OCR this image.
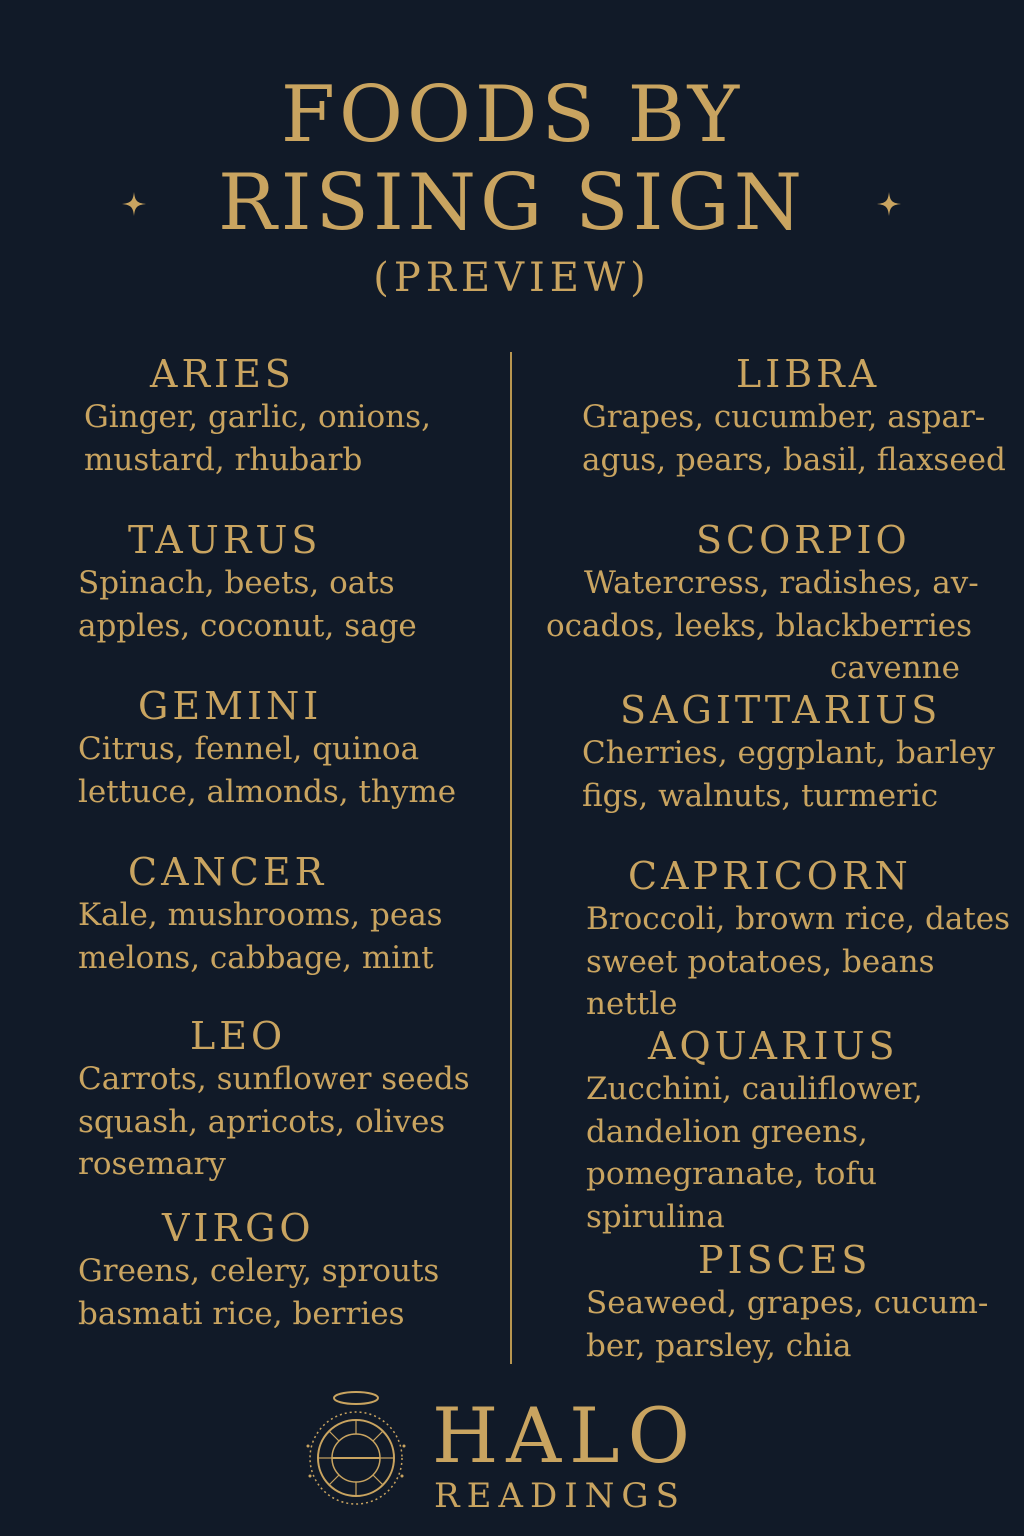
FOODS BY
RISING SIGN
(PREVIEW)
ARIES
Ginger, garlic, onions,
mustard, rhubarb
TAURUS
Spinach, beets, oats
apples, coconut, sage
GEMINI
Citrus, fennel, quinoa
lettuce, almonds, thyme
CANCER
Kale, mushrooms, peas
melons, cabbage, mint
LEO
Carrots, sunflower seeds
squash, apricots, olives
rosemary
VIRGO
Greens, celery, sprouts
basmati rice, berries
LIBRA
Grapes, cucumber, aspar-
agus, pears, basil, flaxseed
SCORPIO
Watercress, radishes, av-
ocados, leeks, blackberries
cavenne
SAGITTARIUS
Cherries, eggplant, barley
figs, walnuts, turmeric
CAPRICORN
Broccoli, brown rice, dates
sweet potatoes, beans
nettle
AQUARIUS
Zucchini, cauliflower,
dandelion greens,
pomegranate, tofu
spirulina
PISCES
Seaweed, grapes, cucum-
ber, parsley, chia
HALO
READINGS
